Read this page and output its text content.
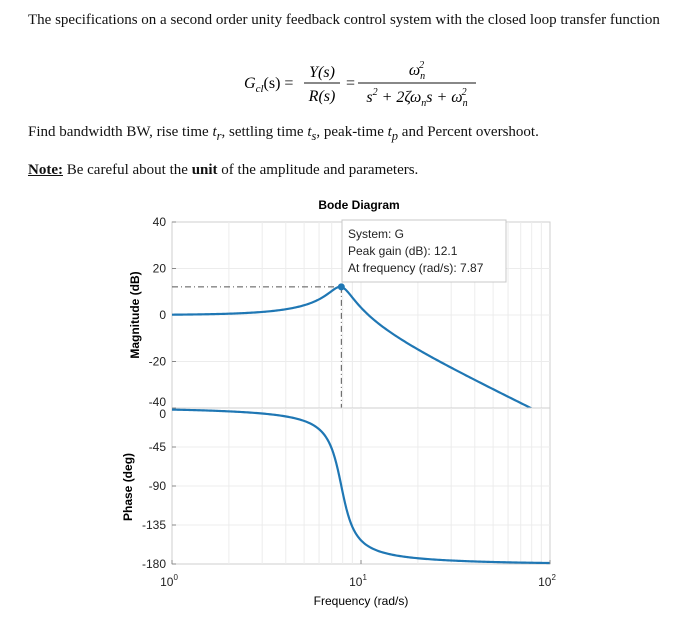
The specifications on a second order unity feedback control system with the closed loop transfer function
$G_{cl}(s)$ =
Y(s)
R(s)
=
$\omega_n2$
$s^2 + 2\zeta\omega_ns + \omega_n2$
Find bandwidth BW, rise time $t_r$, settling time $t_s$, peak-time $t_p$ and Percent overshoot.
Note: Be careful about the unit of the amplitude and parameters.
Bode Diagram
40
20
0
-20
-40
Magnitude (dB)
System: G
Peak gain (dB): 12.1
At frequency (rad/s): 7.87
0
-45
-90
-135
-180
Phase (deg)
$10^0$	$10^1$	$10^2$
Frequency (rad/s)
